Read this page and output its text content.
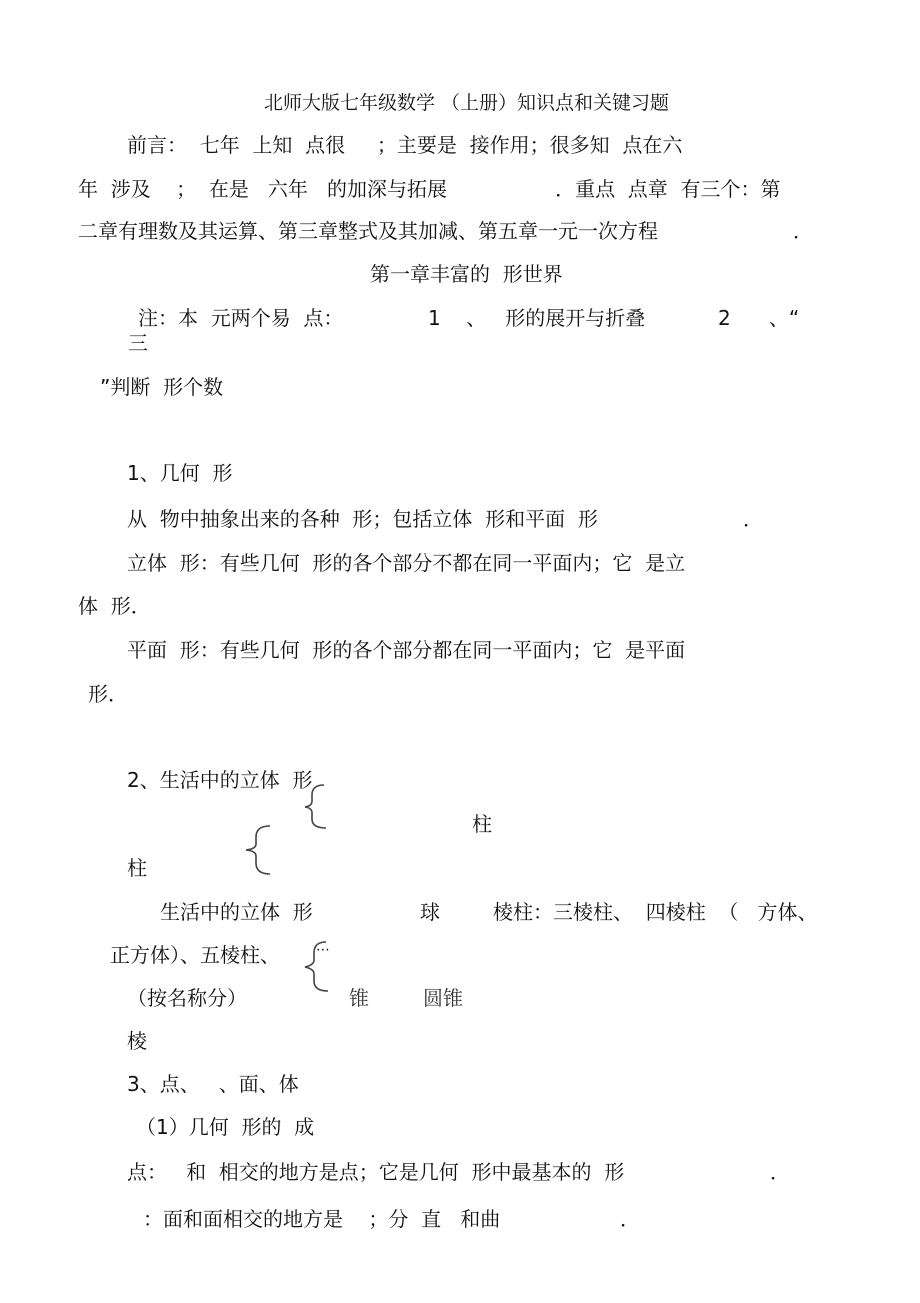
北师大版七年级数学 （上册）知识点和关键习题
前言：  七年  上知  点很     ；主要是  接作用；很多知  点在六
年  涉及    ；  在是   六年   的加深与拓展                 ．重点  点章  有三个：第
二章有理数及其运算、第三章整式及其加减、第五章一元一次方程	．
第一章丰富的  形世界
注：本  元两个易  点：	1    、   形的展开与折叠	2      、“
三
”判断  形个数
1、几何  形
从  物中抽象出来的各种  形；包括立体  形和平面  形	．
立体  形：有些几何  形的各个部分不都在同一平面内；它  是立
体  形．
平面  形：有些几何  形的各个部分都在同一平面内；它  是平面
形．
2、生活中的立体  形
柱
柱
生活中的立体  形	球	棱柱：三棱柱、  四棱柱  （   方体、
正方体）、五棱柱、	⋯
（按名称分）	锥	圆锥
棱
3、点、   、面、体
（1）几何  形的  成
点：   和  相交的地方是点；它是几何  形中最基本的  形	．
：面和面相交的地方是    ；分  直   和曲	．
